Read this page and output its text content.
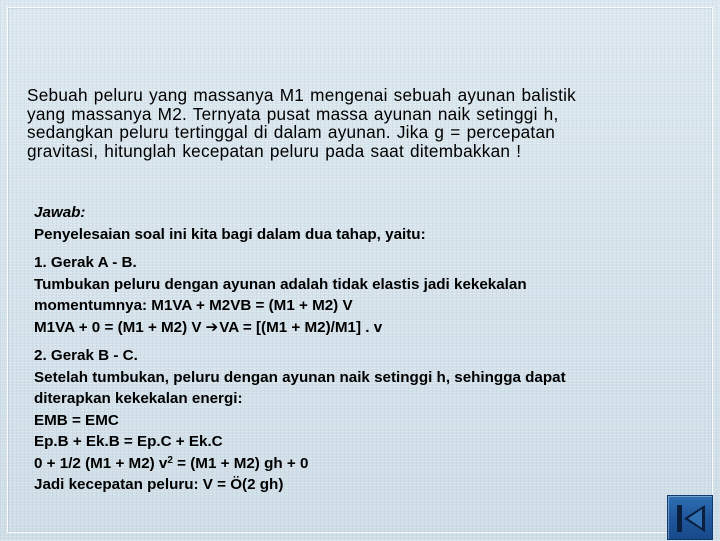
Sebuah peluru yang massanya M1 mengenai sebuah ayunan balistik
yang massanya M2. Ternyata pusat massa ayunan naik setinggi h,
sedangkan peluru tertinggal di dalam ayunan. Jika g = percepatan
gravitasi, hitunglah kecepatan peluru pada saat ditembakkan !

Jawab:
Penyelesaian soal ini kita bagi dalam dua tahap, yaitu:
1. Gerak A - B.
Tumbukan peluru dengan ayunan adalah tidak elastis jadi kekekalan
momentumnya: M1VA + M2VB = (M1 + M2) V
M1VA + 0 = (M1 + M2) V ➔VA = [(M1 + M2)/M1] . v
2. Gerak B - C.
Setelah tumbukan, peluru dengan ayunan naik setinggi h, sehingga dapat
diterapkan kekekalan energi:
EMB = EMC
Ep.B + Ek.B = Ep.C + Ek.C
0 + 1/2 (M1 + M2) $v^2 = (M1 + M2)$ gh + 0
Jadi kecepatan peluru: V = Ö(2 gh)
